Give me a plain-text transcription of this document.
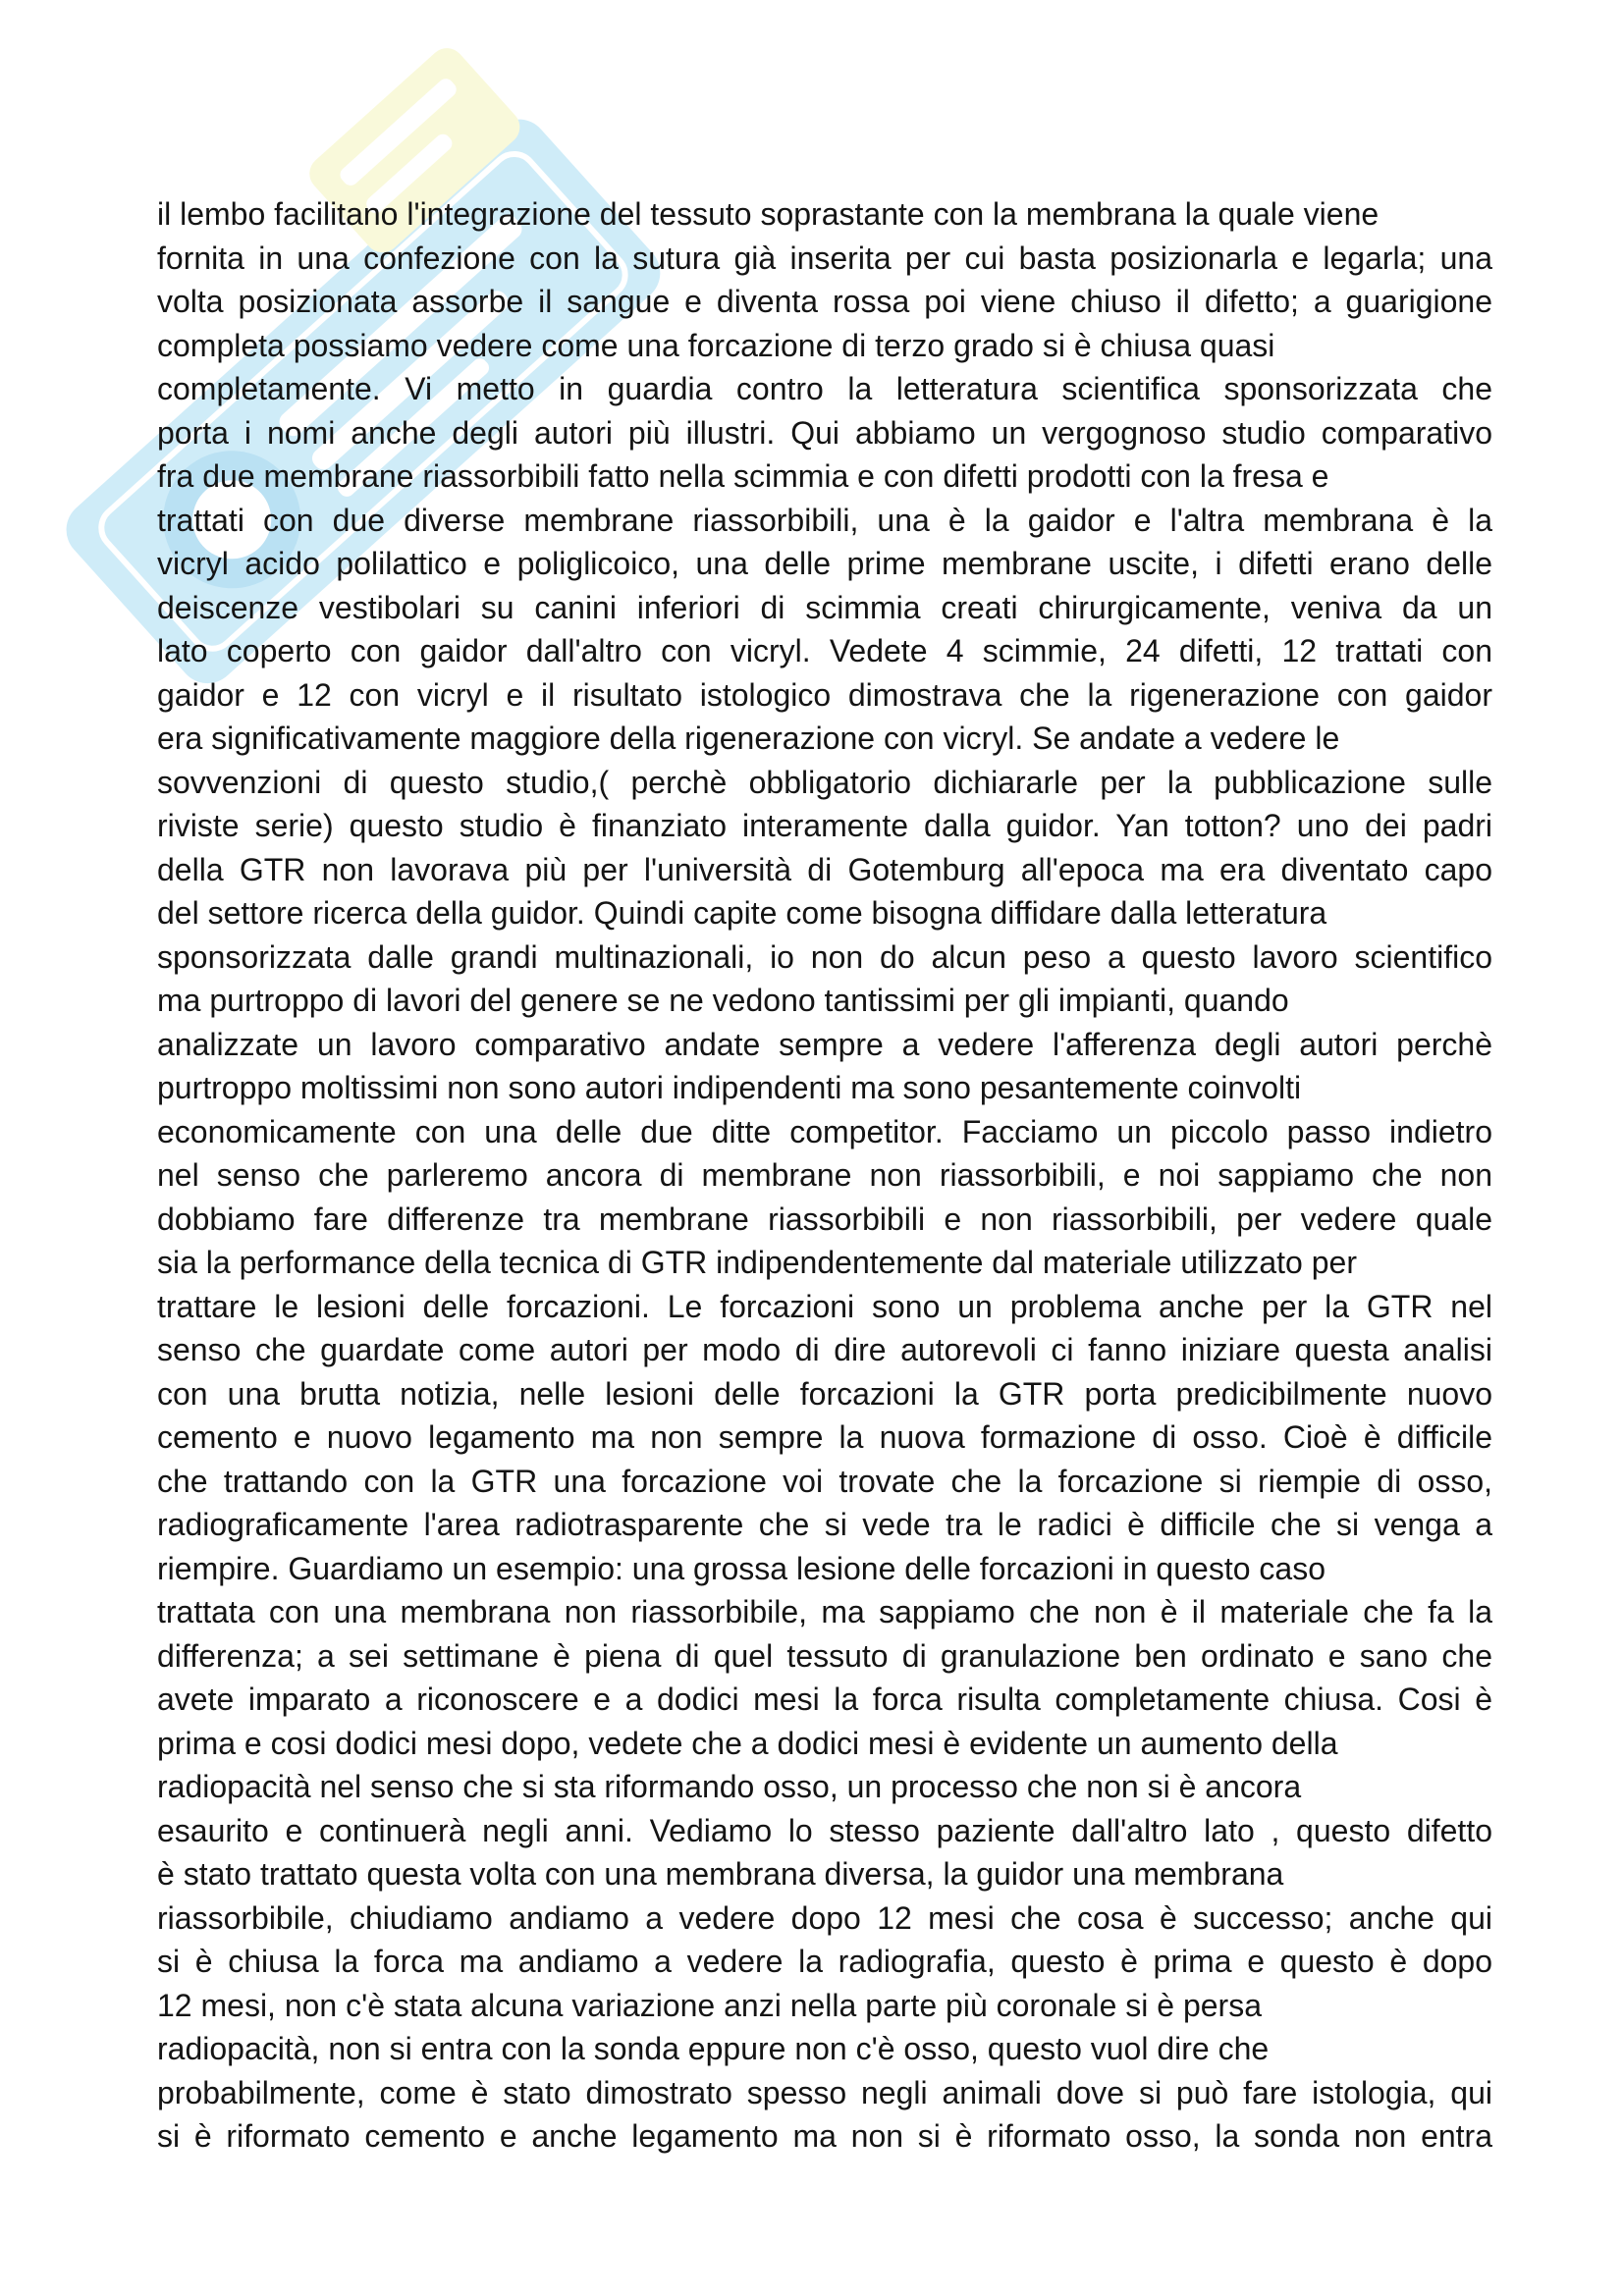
il lembo facilitano l'integrazione del tessuto soprastante con la membrana la quale viene
fornita in una confezione con la sutura già inserita per cui basta posizionarla e legarla; una
volta posizionata assorbe il sangue e diventa rossa poi viene chiuso il difetto; a guarigione
completa possiamo vedere come una forcazione di terzo grado si è chiusa quasi
completamente. Vi metto in guardia contro la letteratura scientifica sponsorizzata che
porta i nomi anche degli autori più illustri. Qui abbiamo un vergognoso studio comparativo
fra due membrane riassorbibili fatto nella scimmia e con difetti prodotti con la fresa e
trattati con due diverse membrane riassorbibili, una è la gaidor e l'altra membrana è la
vicryl acido polilattico e poliglicoico, una delle prime membrane uscite, i difetti erano delle
deiscenze vestibolari su canini inferiori di scimmia creati chirurgicamente, veniva da un
lato coperto con gaidor dall'altro con vicryl. Vedete 4 scimmie, 24 difetti, 12 trattati con
gaidor e 12 con vicryl e il risultato istologico dimostrava che la rigenerazione con gaidor
era significativamente maggiore della rigenerazione con vicryl. Se andate a vedere le
sovvenzioni di questo studio,( perchè obbligatorio dichiararle per la pubblicazione sulle
riviste serie) questo studio è finanziato interamente dalla guidor. Yan totton? uno dei padri
della GTR non lavorava più per l'università di Gotemburg all'epoca ma era diventato capo
del settore ricerca della guidor. Quindi capite come bisogna diffidare dalla letteratura
sponsorizzata dalle grandi multinazionali, io non do alcun peso a questo lavoro scientifico
ma purtroppo di lavori del genere se ne vedono tantissimi per gli impianti, quando
analizzate un lavoro comparativo andate sempre a vedere l'afferenza degli autori perchè
purtroppo moltissimi non sono autori indipendenti ma sono pesantemente coinvolti
economicamente con una delle due ditte competitor. Facciamo un piccolo passo indietro
nel senso che parleremo ancora di membrane non riassorbibili, e noi sappiamo che non
dobbiamo fare differenze tra membrane riassorbibili e non riassorbibili, per vedere quale
sia la performance della tecnica di GTR indipendentemente dal materiale utilizzato per
trattare le lesioni delle forcazioni. Le forcazioni sono un problema anche per la GTR nel
senso che guardate come autori per modo di dire autorevoli ci fanno iniziare questa analisi
con una brutta notizia, nelle lesioni delle forcazioni la GTR porta predicibilmente nuovo
cemento e nuovo legamento ma non sempre la nuova formazione di osso. Cioè è difficile
che trattando con la GTR una forcazione voi trovate che la forcazione si riempie di osso,
radiograficamente l'area radiotrasparente che si vede tra le radici è difficile che si venga a
riempire. Guardiamo un esempio: una grossa lesione delle forcazioni in questo caso
trattata con una membrana non riassorbibile, ma sappiamo che non è il materiale che fa la
differenza; a sei settimane è piena di quel tessuto di granulazione ben ordinato e sano che
avete imparato a riconoscere e a dodici mesi la forca risulta completamente chiusa. Cosi è
prima e cosi dodici mesi dopo, vedete che a dodici mesi è evidente un aumento della
radiopacità nel senso che si sta riformando osso, un processo che non si è ancora
esaurito e continuerà negli anni. Vediamo lo stesso paziente dall'altro lato , questo difetto
è stato trattato questa volta con una membrana diversa, la guidor una membrana
riassorbibile, chiudiamo andiamo a vedere dopo 12 mesi che cosa è successo; anche qui
si è chiusa la forca ma andiamo a vedere la radiografia, questo è prima e questo è dopo
12 mesi, non c'è stata alcuna variazione anzi nella parte più coronale si è persa
radiopacità, non si entra con la sonda eppure non c'è osso, questo vuol dire che
probabilmente, come è stato dimostrato spesso negli animali dove si può fare istologia, qui
si è riformato cemento e anche legamento ma non si è riformato osso, la sonda non entra
